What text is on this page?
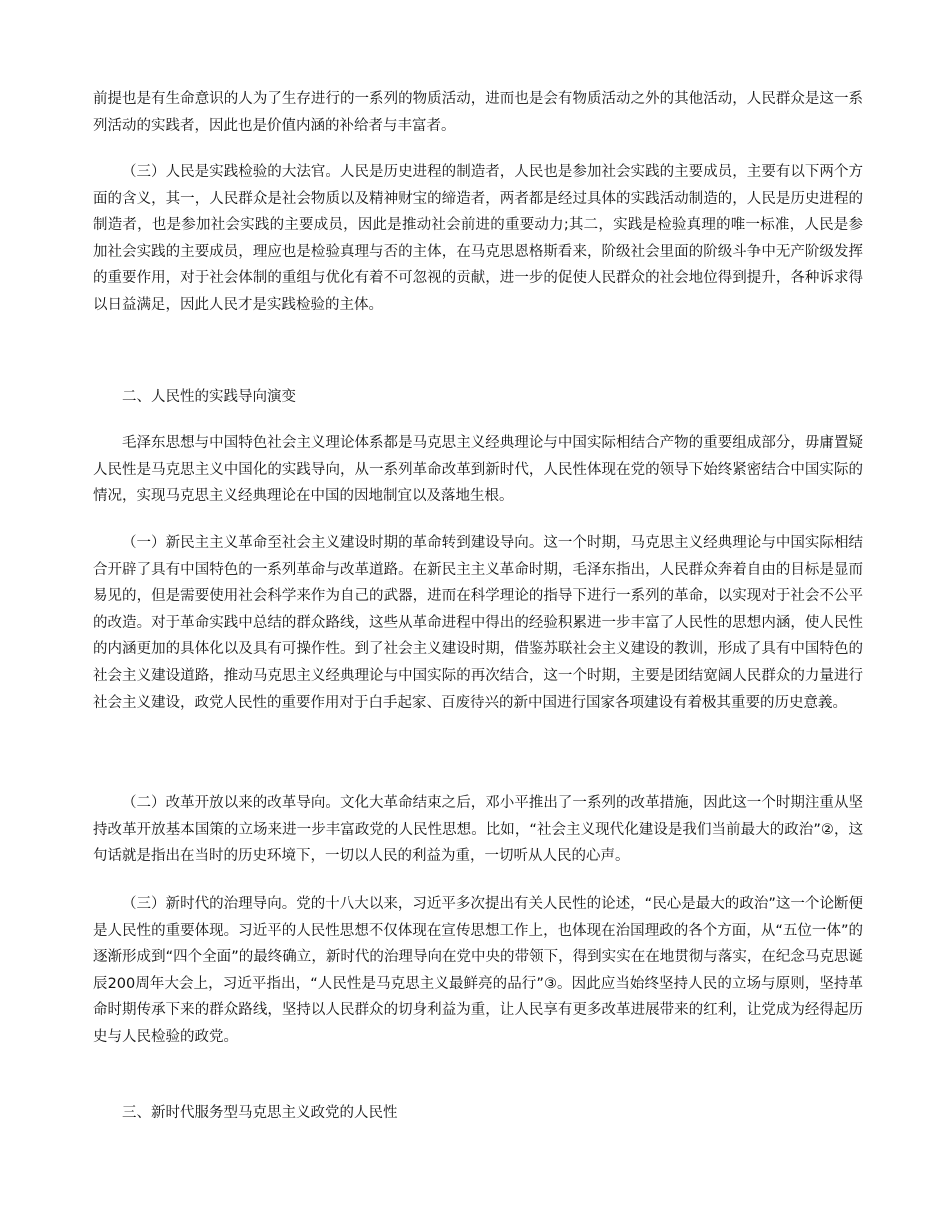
前提也是有生命意识的人为了生存进行的一系列的物质活动，进而也是会有物质活动之外的其他活动，人民群众是这一系列活动的实践者，因此也是价值内涵的补给者与丰富者。

（三）人民是实践检验的大法官。人民是历史进程的制造者，人民也是参加社会实践的主要成员，主要有以下两个方面的含义，其一，人民群众是社会物质以及精神财宝的缔造者，两者都是经过具体的实践活动制造的，人民是历史进程的制造者，也是参加社会实践的主要成员，因此是推动社会前进的重要动力;其二，实践是检验真理的唯一标准，人民是参加社会实践的主要成员，理应也是检验真理与否的主体，在马克思恩格斯看来，阶级社会里面的阶级斗争中无产阶级发挥的重要作用，对于社会体制的重组与优化有着不可忽视的贡献，进一步的促使人民群众的社会地位得到提升，各种诉求得以日益满足，因此人民才是实践检验的主体。

二、人民性的实践导向演变

毛泽东思想与中国特色社会主义理论体系都是马克思主义经典理论与中国实际相结合产物的重要组成部分，毋庸置疑人民性是马克思主义中国化的实践导向，从一系列革命改革到新时代，人民性体现在党的领导下始终紧密结合中国实际的情况，实现马克思主义经典理论在中国的因地制宜以及落地生根。

（一）新民主主义革命至社会主义建设时期的革命转到建设导向。这一个时期，马克思主义经典理论与中国实际相结合开辟了具有中国特色的一系列革命与改革道路。在新民主主义革命时期，毛泽东指出，人民群众奔着自由的目标是显而易见的，但是需要使用社会科学来作为自己的武器，进而在科学理论的指导下进行一系列的革命，以实现对于社会不公平的改造。对于革命实践中总结的群众路线，这些从革命进程中得出的经验积累进一步丰富了人民性的思想内涵，使人民性的内涵更加的具体化以及具有可操作性。到了社会主义建设时期，借鉴苏联社会主义建设的教训，形成了具有中国特色的社会主义建设道路，推动马克思主义经典理论与中国实际的再次结合，这一个时期，主要是团结宽阔人民群众的力量进行社会主义建设，政党人民性的重要作用对于白手起家、百废待兴的新中国进行国家各项建设有着极其重要的历史意義。

（二）改革开放以来的改革导向。文化大革命结束之后，邓小平推出了一系列的改革措施，因此这一个时期注重从坚持改革开放基本国策的立场来进一步丰富政党的人民性思想。比如，“社会主义现代化建设是我们当前最大的政治”②，这句话就是指出在当时的历史环境下，一切以人民的利益为重，一切听从人民的心声。

（三）新时代的治理导向。党的十八大以来，习近平多次提出有关人民性的论述，“民心是最大的政治”这一个论断便是人民性的重要体现。习近平的人民性思想不仅体现在宣传思想工作上，也体现在治国理政的各个方面，从“五位一体”的逐渐形成到“四个全面”的最终确立，新时代的治理导向在党中央的带领下，得到实实在在地贯彻与落实，在纪念马克思诞辰200周年大会上，习近平指出，“人民性是马克思主义最鲜亮的品行”③。因此应当始终坚持人民的立场与原则，坚持革命时期传承下来的群众路线，坚持以人民群众的切身利益为重，让人民享有更多改革进展带来的红利，让党成为经得起历史与人民检验的政党。

三、新时代服务型马克思主义政党的人民性
